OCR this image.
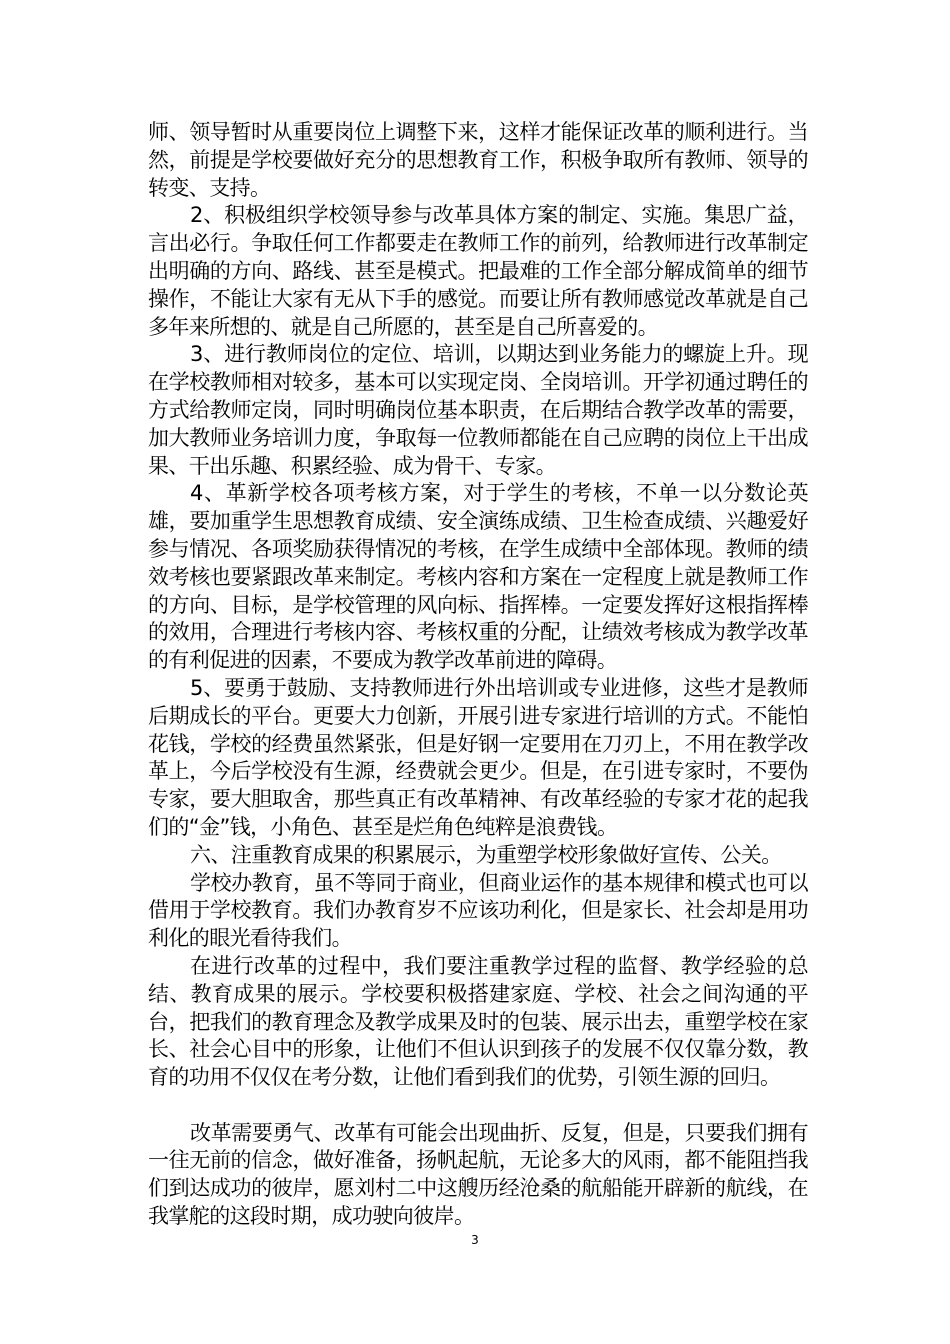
师、领导暂时从重要岗位上调整下来，这样才能保证改革的顺利进行。当然，前提是学校要做好充分的思想教育工作，积极争取所有教师、领导的转变、支持。

2、积极组织学校领导参与改革具体方案的制定、实施。集思广益，言出必行。争取任何工作都要走在教师工作的前列，给教师进行改革制定出明确的方向、路线、甚至是模式。把最难的工作全部分解成简单的细节操作，不能让大家有无从下手的感觉。而要让所有教师感觉改革就是自己多年来所想的、就是自己所愿的，甚至是自己所喜爱的。

3、进行教师岗位的定位、培训，以期达到业务能力的螺旋上升。现在学校教师相对较多，基本可以实现定岗、全岗培训。开学初通过聘任的方式给教师定岗，同时明确岗位基本职责，在后期结合教学改革的需要，加大教师业务培训力度，争取每一位教师都能在自己应聘的岗位上干出成果、干出乐趣、积累经验、成为骨干、专家。

4、革新学校各项考核方案，对于学生的考核，不单一以分数论英雄，要加重学生思想教育成绩、安全演练成绩、卫生检查成绩、兴趣爱好参与情况、各项奖励获得情况的考核，在学生成绩中全部体现。教师的绩效考核也要紧跟改革来制定。考核内容和方案在一定程度上就是教师工作的方向、目标，是学校管理的风向标、指挥棒。一定要发挥好这根指挥棒的效用，合理进行考核内容、考核权重的分配，让绩效考核成为教学改革的有利促进的因素，不要成为教学改革前进的障碍。

5、要勇于鼓励、支持教师进行外出培训或专业进修，这些才是教师后期成长的平台。更要大力创新，开展引进专家进行培训的方式。不能怕花钱，学校的经费虽然紧张，但是好钢一定要用在刀刃上，不用在教学改革上，今后学校没有生源，经费就会更少。但是，在引进专家时，不要伪专家，要大胆取舍，那些真正有改革精神、有改革经验的专家才花的起我们的“金”钱，小角色、甚至是烂角色纯粹是浪费钱。

六、注重教育成果的积累展示，为重塑学校形象做好宣传、公关。

学校办教育，虽不等同于商业，但商业运作的基本规律和模式也可以借用于学校教育。我们办教育岁不应该功利化，但是家长、社会却是用功利化的眼光看待我们。

在进行改革的过程中，我们要注重教学过程的监督、教学经验的总结、教育成果的展示。学校要积极搭建家庭、学校、社会之间沟通的平台，把我们的教育理念及教学成果及时的包装、展示出去，重塑学校在家长、社会心目中的形象，让他们不但认识到孩子的发展不仅仅靠分数，教育的功用不仅仅在考分数，让他们看到我们的优势，引领生源的回归。

改革需要勇气、改革有可能会出现曲折、反复，但是，只要我们拥有一往无前的信念，做好准备，扬帆起航，无论多大的风雨，都不能阻挡我们到达成功的彼岸，愿刘村二中这艘历经沧桑的航船能开辟新的航线，在我掌舵的这段时期，成功驶向彼岸。

3
